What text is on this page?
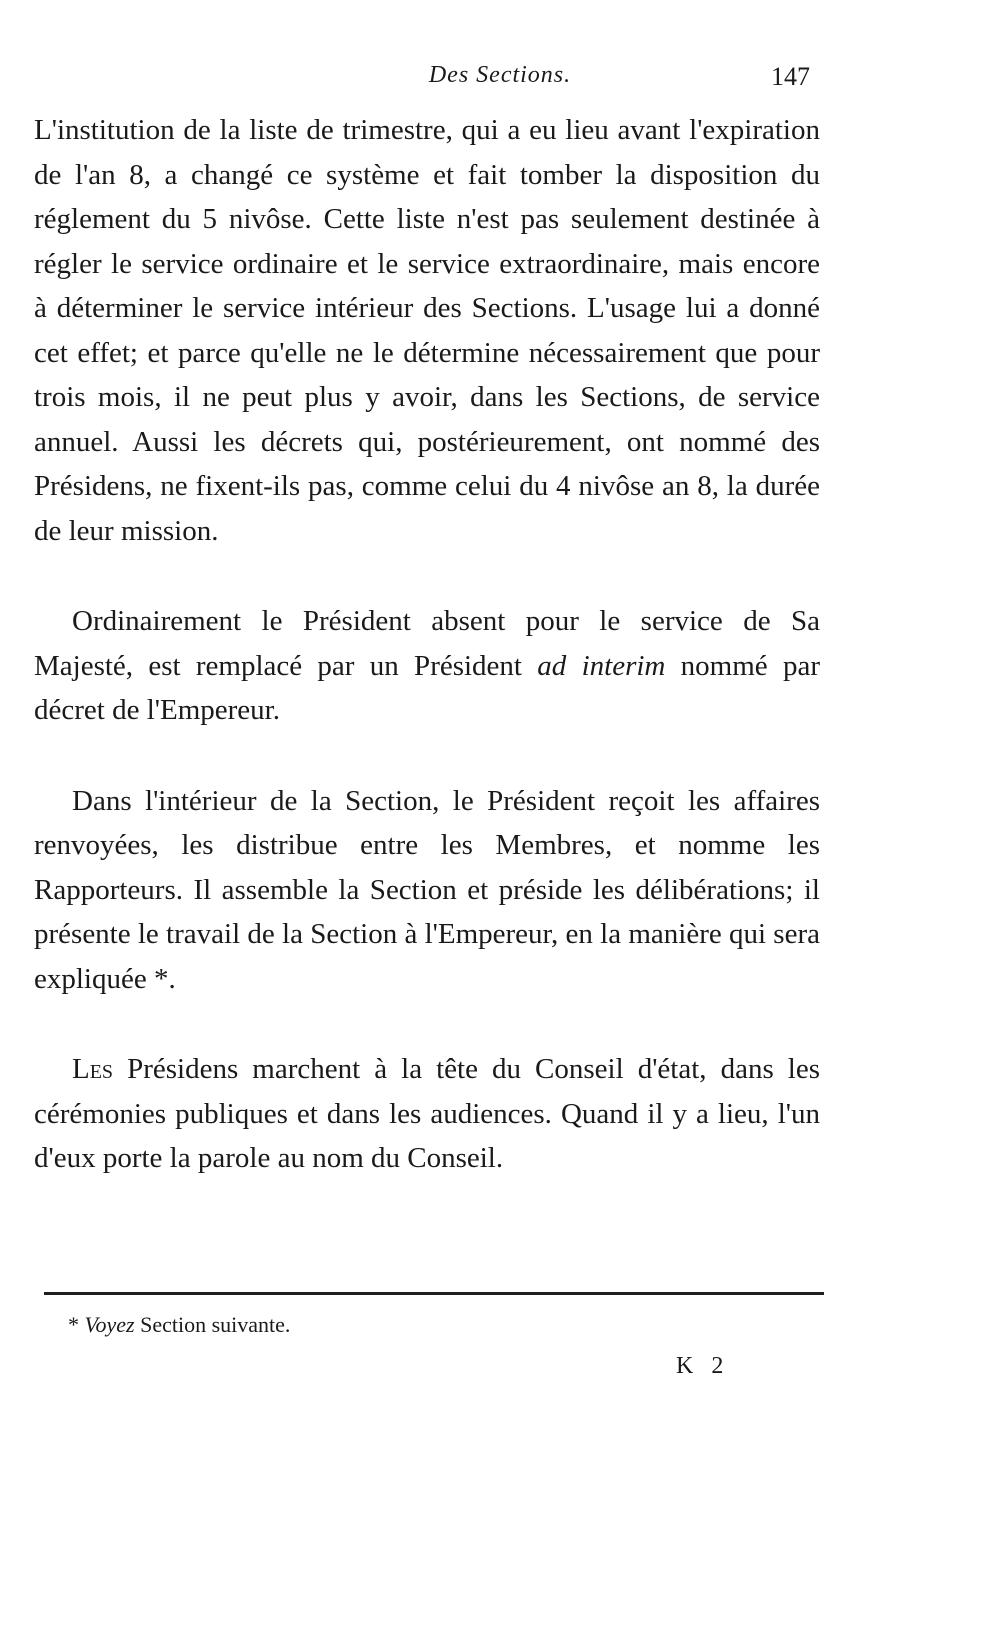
Des Sections.	147

L'institution de la liste de trimestre, qui a eu lieu avant l'expiration de l'an 8, a changé ce système et fait tomber la disposition du réglement du 5 nivôse. Cette liste n'est pas seulement destinée à régler le service ordinaire et le service extraordinaire, mais encore à déterminer le service intérieur des Sections. L'usage lui a donné cet effet; et parce qu'elle ne le détermine nécessairement que pour trois mois, il ne peut plus y avoir, dans les Sections, de service annuel. Aussi les décrets qui, postérieurement, ont nommé des Présidens, ne fixent-ils pas, comme celui du 4 nivôse an 8, la durée de leur mission.

Ordinairement le Président absent pour le service de Sa Majesté, est remplacé par un Président ad interim nommé par décret de l'Empereur.

Dans l'intérieur de la Section, le Président reçoit les affaires renvoyées, les distribue entre les Membres, et nomme les Rapporteurs. Il assemble la Section et préside les délibérations; il présente le travail de la Section à l'Empereur, en la manière qui sera expliquée *.

Les Présidens marchent à la tête du Conseil d'état, dans les cérémonies publiques et dans les audiences. Quand il y a lieu, l'un d'eux porte la parole au nom du Conseil.

* Voyez Section suivante.
K 2
